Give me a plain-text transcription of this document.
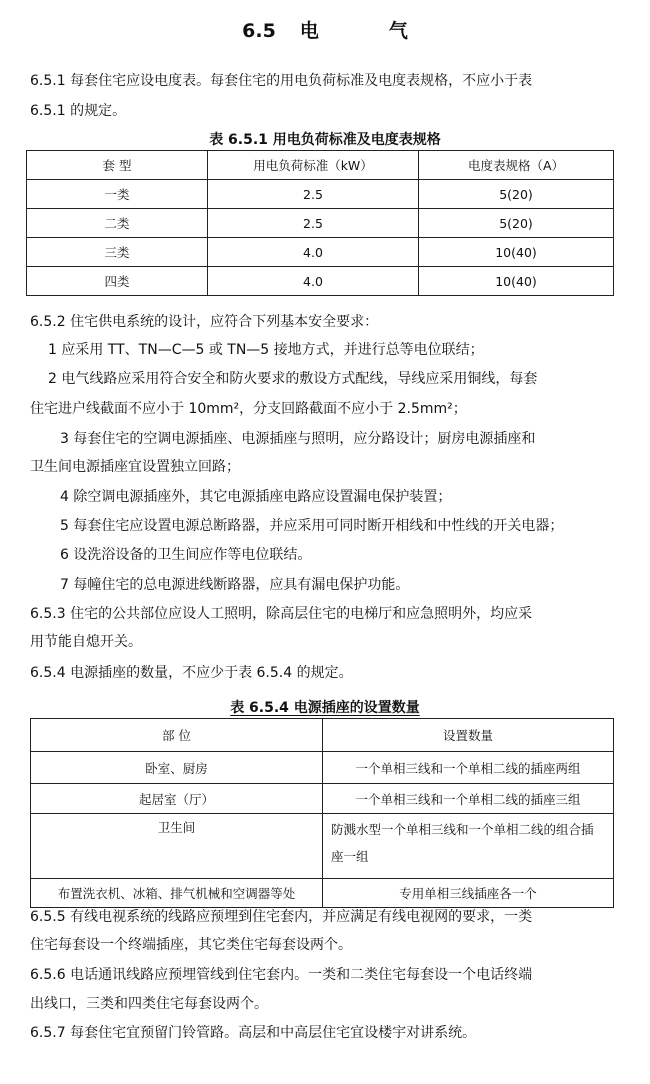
6.5 电	气
6.5.1 每套住宅应设电度表。每套住宅的用电负荷标准及电度表规格，不应小于表
6.5.1 的规定。
表 6.5.1 用电负荷标准及电度表规格
套 型	用电负荷标准（kW）	电度表规格（A）
一类	2.5	5(20)
二类	2.5	5(20)
三类	4.0	10(40)
四类	4.0	10(40)
6.5.2 住宅供电系统的设计，应符合下列基本安全要求：
1 应采用 TT、TN—C—5 或 TN—5 接地方式，并进行总等电位联结；
2 电气线路应采用符合安全和防火要求的敷设方式配线，导线应采用铜线，每套
住宅进户线截面不应小于 10mm²，分支回路截面不应小于 2.5mm²；
3 每套住宅的空调电源插座、电源插座与照明，应分路设计；厨房电源插座和
卫生间电源插座宜设置独立回路；
4 除空调电源插座外，其它电源插座电路应设置漏电保护装置；
5 每套住宅应设置电源总断路器，并应采用可同时断开相线和中性线的开关电器；
6 设洗浴设备的卫生间应作等电位联结。
7 每幢住宅的总电源进线断路器，应具有漏电保护功能。
6.5.3 住宅的公共部位应设人工照明，除高层住宅的电梯厅和应急照明外，均应采
用节能自熄开关。
6.5.4 电源插座的数量，不应少于表 6.5.4 的规定。
表 6.5.4 电源插座的设置数量
部 位	设置数量
卧室、厨房	一个单相三线和一个单相二线的插座两组
起居室（厅）	一个单相三线和一个单相二线的插座三组
卫生间	防溅水型一个单相三线和一个单相二线的组合插座一组
布置洗衣机、冰箱、排气机械和空调器等处	专用单相三线插座各一个
6.5.5 有线电视系统的线路应预埋到住宅套内，并应满足有线电视网的要求，一类
住宅每套设一个终端插座，其它类住宅每套设两个。
6.5.6 电话通讯线路应预埋管线到住宅套内。一类和二类住宅每套设一个电话终端
出线口，三类和四类住宅每套设两个。
6.5.7 每套住宅宜预留门铃管路。高层和中高层住宅宜设楼宇对讲系统。
